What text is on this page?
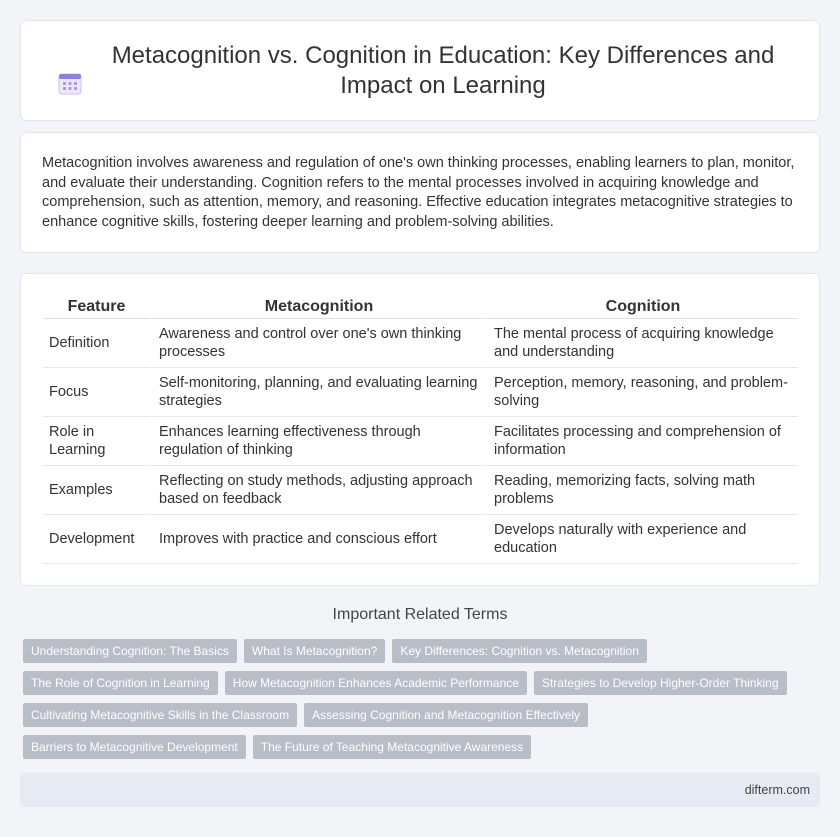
Metacognition vs. Cognition in Education: Key Differences and Impact on Learning

Metacognition involves awareness and regulation of one's own thinking processes, enabling learners to plan, monitor, and evaluate their understanding. Cognition refers to the mental processes involved in acquiring knowledge and comprehension, such as attention, memory, and reasoning. Effective education integrates metacognitive strategies to enhance cognitive skills, fostering deeper learning and problem-solving abilities.

Feature	Metacognition	Cognition
Definition	Awareness and control over one's own thinking processes	The mental process of acquiring knowledge and understanding
Focus	Self-monitoring, planning, and evaluating learning strategies	Perception, memory, reasoning, and problem-solving
Role in Learning	Enhances learning effectiveness through regulation of thinking	Facilitates processing and comprehension of information
Examples	Reflecting on study methods, adjusting approach based on feedback	Reading, memorizing facts, solving math problems
Development	Improves with practice and conscious effort	Develops naturally with experience and education
Important Related Terms
Understanding Cognition: The Basics	What Is Metacognition?	Key Differences: Cognition vs. Metacognition
The Role of Cognition in Learning	How Metacognition Enhances Academic Performance	Strategies to Develop Higher-Order Thinking
Cultivating Metacognitive Skills in the Classroom	Assessing Cognition and Metacognition Effectively
Barriers to Metacognitive Development	The Future of Teaching Metacognitive Awareness
difterm.com
